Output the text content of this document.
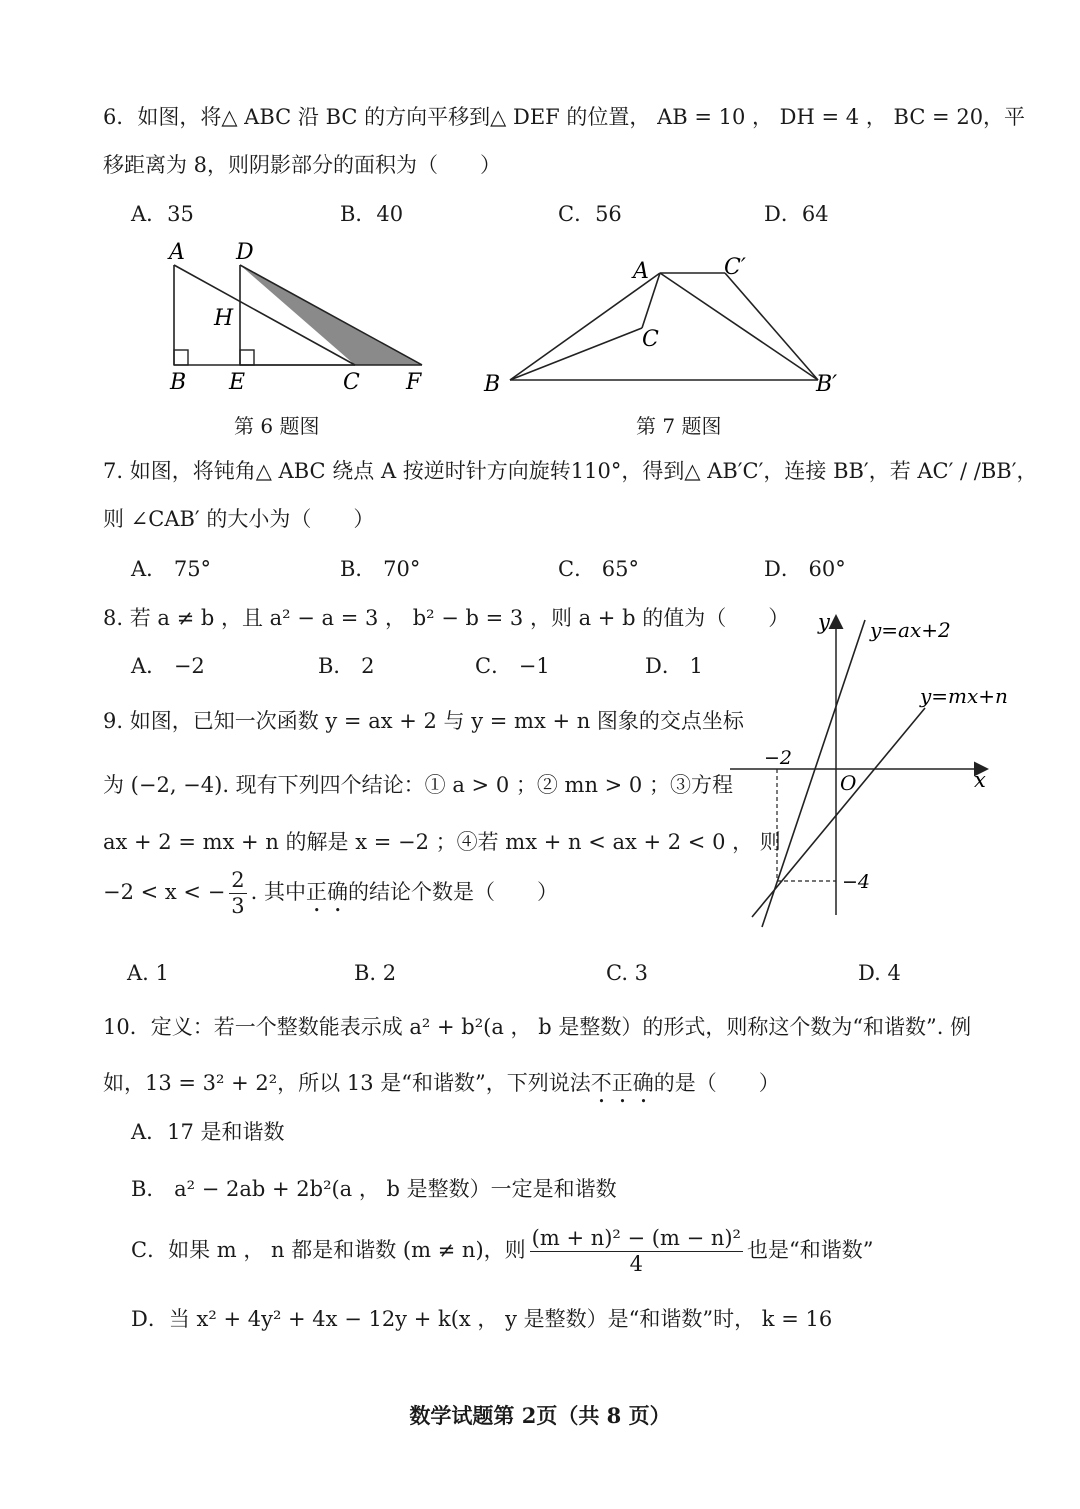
6．如图，将△ ABC 沿 BC 的方向平移到△ DEF 的位置， AB = 10 ， DH = 4 ， BC = 20，平
移距离为 8，则阴影部分的面积为（　　）
A．35	B．40	C．56	D．64
A D
H
B E	C F
第 6 题图
A	C′
C
B	B′
第 7 题图
7. 如图，将钝角△ ABC 绕点 A 按逆时针方向旋转110°，得到△ AB′C′，连接 BB′，若 AC′ / /BB′，
则 ∠CAB′ 的大小为（　　）
A． 75°	B． 70°	C． 65°	D． 60°
8. 若 a ≠ b ，且 a² − a = 3 ， b² − b = 3 ，则 a + b 的值为（　　）
A． −2	B． 2	C． −1	D． 1
9. 如图，已知一次函数 y = ax + 2 与 y = mx + n 图象的交点坐标
为 (−2, −4). 现有下列四个结论：① a > 0 ；② mn > 0 ；③方程
ax + 2 = mx + n 的解是 x = −2 ；④若 mx + n < ax + 2 < 0 ， 则
−2 < x < − $\frac{2}{3}$ . 其中正确的结论个数是（　　）
A. 1	B. 2	C. 3	D. 4
y
x
O
y=ax+2
y=mx+n
−2
−4
10．定义：若一个整数能表示成 a² + b²(a ， b 是整数）的形式，则称这个数为“和谐数”. 例
如，13 = 3² + 2²，所以 13 是“和谐数”，下列说法不正确的是（　　）
A．17 是和谐数
B． a² − 2ab + 2b²(a ， b 是整数）一定是和谐数
C．如果 m ， n 都是和谐数 (m ≠ n)，则 $\frac{\text{(m + n)² − (m − n)²}}{4}$ 也是“和谐数”
D．当 x² + 4y² + 4x − 12y + k(x ， y 是整数）是“和谐数”时， k = 16
数学试题第 2页（共 8 页）
